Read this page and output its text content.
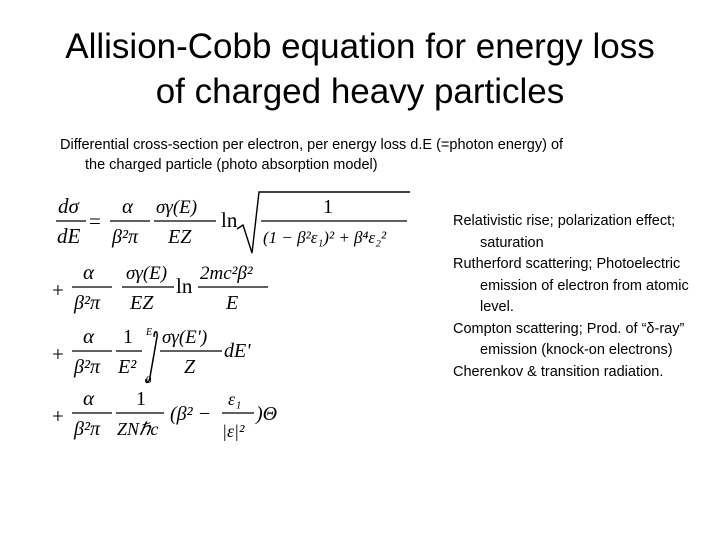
Allision-Cobb equation for energy loss
of charged heavy particles
Differential cross-section per electron, per energy loss d.E (=photon energy) of
the charged particle (photo absorption model)
dσ
dE
=
α
β²π
σγ(E)
EZ
ln
1
(1 − β²ε₁)² + β⁴ε₂²
+
α
β²π
σγ(E)
EZ
ln
2mc²β²
E
+
α
β²π
1
E²
E
0
σγ(E')
Z
dE'
+
α
β²π
1
ZNℏc
(β² −
ε₁
|ε|²
)Θ
Relativistic rise; polarization effect; saturation
Rutherford scattering; Photoelectric emission of electron from atomic level.
Compton scattering; Prod. of “δ-ray” emission (knock-on electrons)
Cherenkov & transition radiation.
